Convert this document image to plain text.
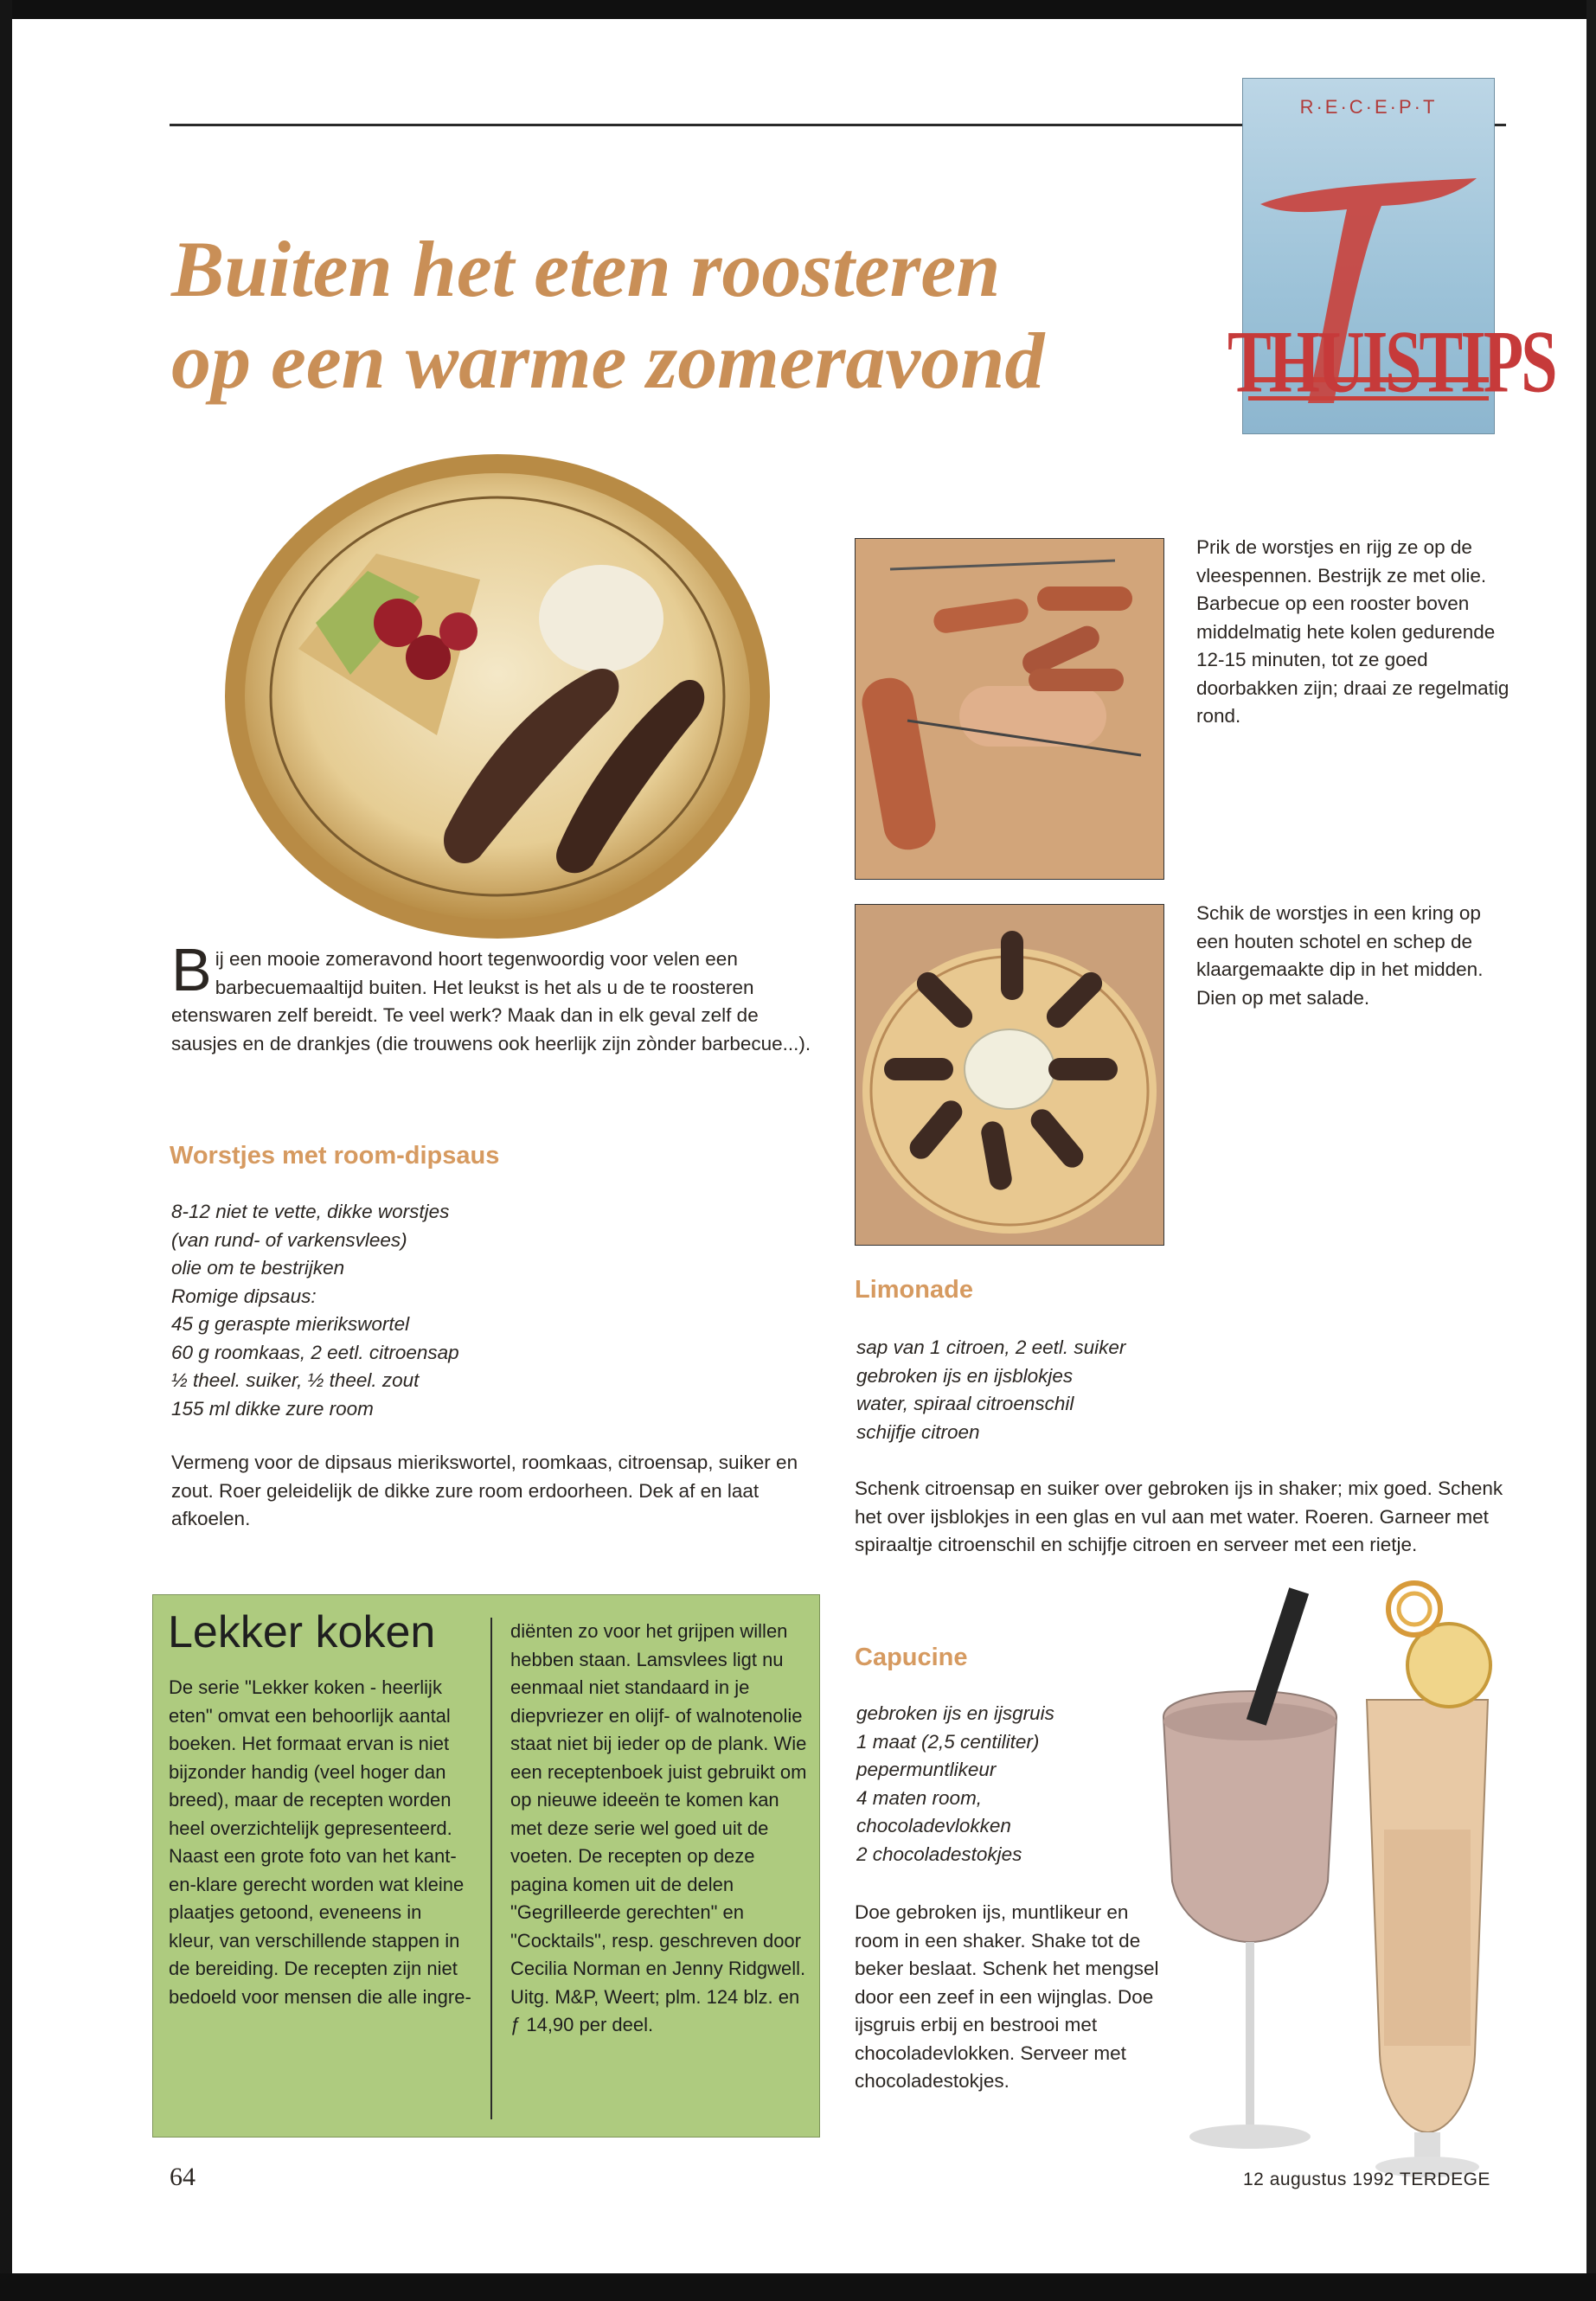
R·E·C·E·P·T
THUISTIPS
Buiten het eten roosteren
op een warme zomeravond
Bij een mooie zomeravond hoort tegenwoordig voor velen een barbecuemaaltijd buiten. Het leukst is het als u de te roosteren etenswaren zelf bereidt. Te veel werk? Maak dan in elk geval zelf de sausjes en de drankjes (die trouwens ook heerlijk zijn zònder barbecue...).
Worstjes met room-dipsaus
8-12 niet te vette, dikke worstjes
(van rund- of varkensvlees)
olie om te bestrijken
Romige dipsaus:
45 g geraspte mierikswortel
60 g roomkaas, 2 eetl. citroensap
½ theel. suiker, ½ theel. zout
155 ml dikke zure room
Vermeng voor de dipsaus mierikswortel, roomkaas, citroensap, suiker en zout. Roer geleidelijk de dikke zure room erdoorheen. Dek af en laat afkoelen.
Prik de worstjes en rijg ze op de vleespennen. Bestrijk ze met olie. Barbecue op een rooster boven middelmatig hete kolen gedurende 12-15 minuten, tot ze goed doorbakken zijn; draai ze regelmatig rond.
Schik de worstjes in een kring op een houten schotel en schep de klaargemaakte dip in het midden. Dien op met salade.
Limonade
sap van 1 citroen, 2 eetl. suiker
gebroken ijs en ijsblokjes
water, spiraal citroenschil
schijfje citroen
Schenk citroensap en suiker over gebroken ijs in shaker; mix goed. Schenk het over ijsblokjes in een glas en vul aan met water. Roeren. Garneer met spiraaltje citroenschil en schijfje citroen en serveer met een rietje.
Capucine
gebroken ijs en ijsgruis
1 maat (2,5 centiliter)
pepermuntlikeur
4 maten room,
chocoladevlokken
2 chocoladestokjes
Doe gebroken ijs, muntlikeur en room in een shaker. Shake tot de beker beslaat. Schenk het mengsel door een zeef in een wijnglas. Doe ijsgruis erbij en bestrooi met chocoladevlokken. Serveer met chocoladestokjes.
Lekker koken
De serie "Lekker koken - heerlijk eten" omvat een behoorlijk aantal boeken. Het formaat ervan is niet bijzonder handig (veel hoger dan breed), maar de recepten worden heel overzichtelijk gepresenteerd. Naast een grote foto van het kant-en-klare gerecht worden wat kleine plaatjes getoond, eveneens in kleur, van verschillende stappen in de bereiding. De recepten zijn niet bedoeld voor mensen die alle ingre-
diënten zo voor het grijpen willen hebben staan. Lamsvlees ligt nu eenmaal niet standaard in je diepvriezer en olijf- of walnotenolie staat niet bij ieder op de plank. Wie een receptenboek juist gebruikt om op nieuwe ideeën te komen kan met deze serie wel goed uit de voeten. De recepten op deze pagina komen uit de delen "Gegrilleerde gerechten" en "Cocktails", resp. geschreven door Cecilia Norman en Jenny Ridgwell. Uitg. M&P, Weert; plm. 124 blz. en ƒ 14,90 per deel.
64	12 augustus 1992 TERDEGE
